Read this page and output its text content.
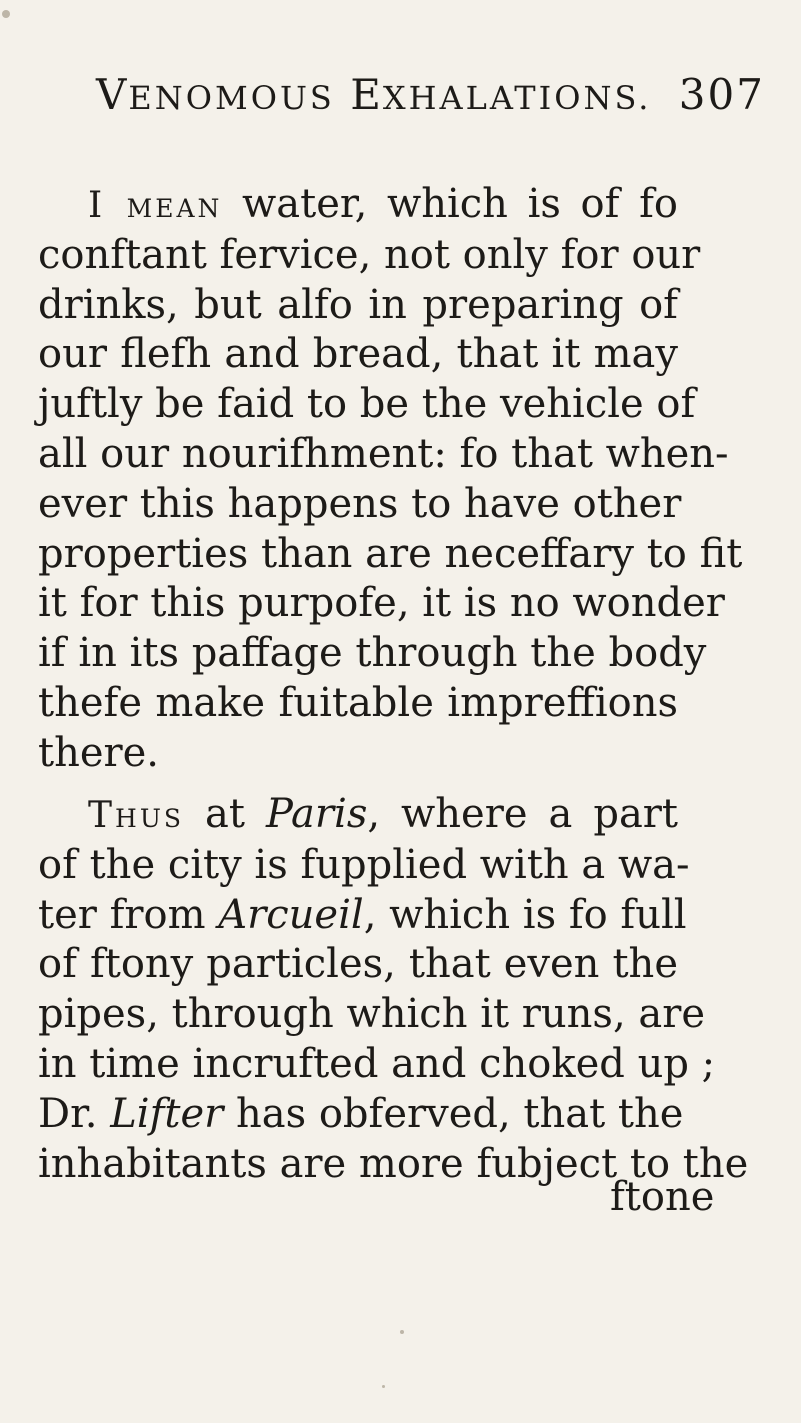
VENOMOUS EXHALATIONS. 307
I mean water, which is of fo
conftant fervice, not only for our
drinks, but alfo in preparing of
our flefh and bread, that it may
juftly be faid to be the vehicle of
all our nourifhment: fo that when-
ever this happens to have other
properties than are neceffary to fit
it for this purpofe, it is no wonder
if in its paffage through the body
thefe make fuitable impreffions
there.
Thus at Paris, where a part
of the city is fupplied with a wa-
ter from Arcueil, which is fo full
of ftony particles, that even the
pipes, through which it runs, are
in time incrufted and choked up ;
Dr. Lifter has obferved, that the
inhabitants are more fubject to the
ftone
